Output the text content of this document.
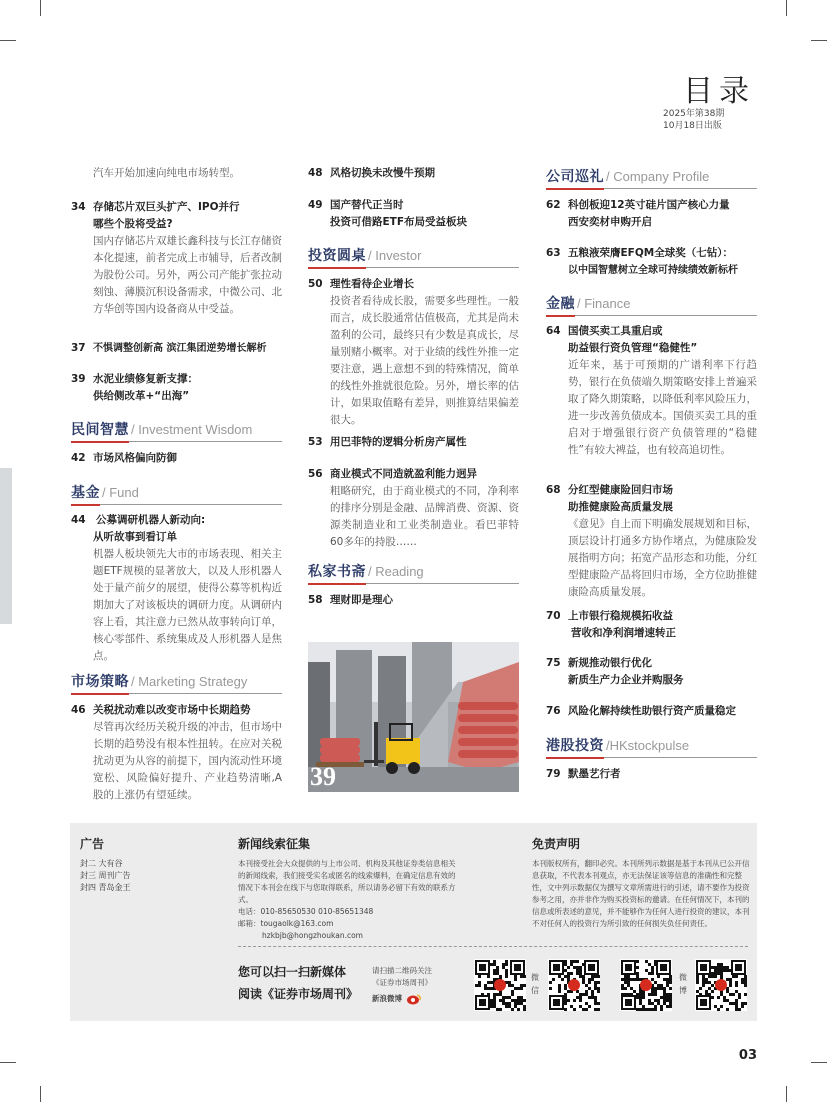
目录
2025年第38期
10月18日出版
汽车开始加速向纯电市场转型。
34 存储芯片双巨头扩产、IPO并行
哪些个股将受益?
国内存储芯片双雄长鑫科技与长江存储资本化提速，前者完成上市辅导，后者改制为股份公司。另外，两公司产能扩张拉动刻蚀、薄膜沉积设备需求，中微公司、北方华创等国内设备商从中受益。
37 不惧调整创新高 滨江集团逆势增长解析
39 水泥业绩修复新支撑：
供给侧改革+“出海”
民间智慧 / Investment Wisdom
42 市场风格偏向防御
基金 / Fund
44 公募调研机器人新动向:
从听故事到看订单
机器人板块领先大市的市场表现、相关主题ETF规模的显著放大，以及人形机器人处于量产前夕的展望，使得公募等机构近期加大了对该板块的调研力度。从调研内容上看，其注意力已然从故事转向订单，核心零部件、系统集成及人形机器人是焦点。
市场策略 / Marketing Strategy
46 关税扰动难以改变市场中长期趋势
尽管再次经历关税升级的冲击，但市场中长期的趋势没有根本性扭转。在应对关税扰动更为从容的前提下，国内流动性环境宽松、风险偏好提升、产业趋势清晰,A股的上涨仍有望延续。
48 风格切换未改慢牛预期
49 国产替代正当时
投资可借路ETF布局受益板块
投资圆桌 / Investor
50 理性看待企业增长
投资者看待成长股，需要多些理性。一般而言，成长股通常估值极高，尤其是尚未盈利的公司，最终只有少数是真成长，尽量别赌小概率。对于业绩的线性外推一定要注意，遇上意想不到的特殊情况，简单的线性外推就很危险。另外，增长率的估计，如果取值略有差异，则推算结果偏差很大。
53 用巴菲特的逻辑分析房产属性
56 商业模式不同造就盈利能力迥异
粗略研究，由于商业模式的不同，净利率的排序分别是金融、品牌消费、资源、资源类制造业和工业类制造业。看巴菲特60多年的持股……
私家书斋 / Reading
58 理财即是理心
39
公司巡礼 / Company Profile
62 科创板迎12英寸硅片国产核心力量
西安奕材申购开启
63 五粮液荣膺EFQM全球奖（七钻）：
以中国智慧树立全球可持续绩效新标杆
金融 / Finance
64 国债买卖工具重启或
助益银行资负管理“稳健性”
近年来，基于可预期的广谱利率下行趋势，银行在负债端久期策略安排上普遍采取了降久期策略，以降低利率风险压力，进一步改善负债成本。国债买卖工具的重启对于增强银行资产负债管理的“稳健性”有较大裨益，也有较高追切性。
68 分红型健康险回归市场
助推健康险高质量发展
《意见》自上而下明确发展规划和目标，顶层设计打通多方协作堵点，为健康险发展指明方向；拓宽产品形态和功能，分红型健康险产品将回归市场，全方位助推健康险高质量发展。
70 上市银行稳规模拓收益
营收和净利润增速转正
75 新规推动银行优化
新质生产力企业并购服务
76 风险化解持续性助银行资产质量稳定
港股投资 /HKstockpulse
79 默墨艺行者
广告
封二 大有谷
封三 周刊广告
封四 青岛金王
新闻线索征集
本刊接受社会大众提供的与上市公司、机构及其他证券类信息相关的新闻线索，我们接受实名或匿名的线索爆料，在确定信息有效的情况下本刊会在线下与您取得联系，所以请务必留下有效的联系方式。
电话：010-85650530 010-85651348
邮箱：tougaolk@163.com
hzkbjb@hongzhoukan.com
免责声明
本刊版权所有，翻印必究。本刊所列示数据是基于本刊从已公开信息获取，不代表本刊观点，亦无法保证该等信息的准确性和完整性，文中列示数据仅为撰写文章所需进行的引述，请不要作为投资参考之用，亦并非作为购买投资标的邀请。在任何情况下，本刊的信息或所表述的意见，并不能够作为任何人进行投资的建议，本刊不对任何人的投资行为所引致的任何损失负任何责任。
您可以扫一扫新媒体
阅读《证券市场周刊》
请扫描二维码关注
《证券市场周刊》
新浪微博
微信
微博
03
